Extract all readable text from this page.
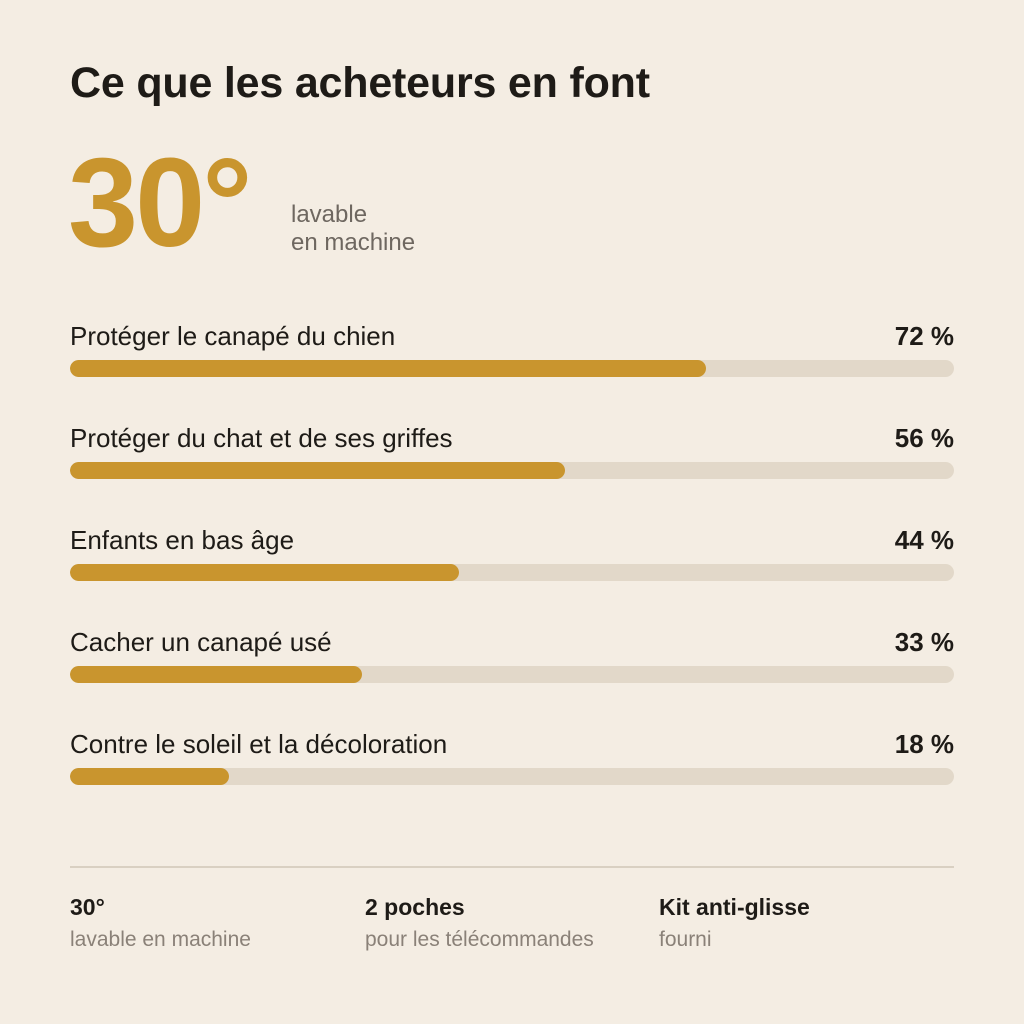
Ce que les acheteurs en font
30° lavable
en machine
Protéger le canapé du chien	72 %
Protéger du chat et de ses griffes	56 %
Enfants en bas âge	44 %
Cacher un canapé usé	33 %
Contre le soleil et la décoloration	18 %
30°
lavable en machine
2 poches
pour les télécommandes
Kit anti-glisse
fourni
